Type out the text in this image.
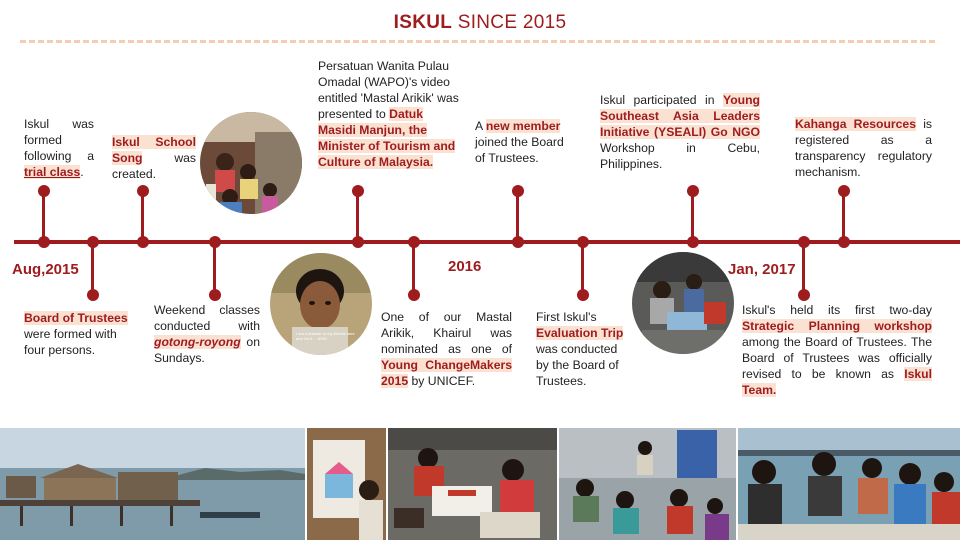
ISKUL SINCE 2015
Aug,2015	2016	Jan, 2017
Iskul was formed following a trial class.
Board of Trustees were formed with four persons.
Iskul School Song was created.
Weekend classes conducted with gotong-royong on Sundays.
Persatuan Wanita Pulau Omadal (WAPO)'s video entitled 'Mastal Arikik' was presented to Datuk Masidi Manjun, the Minister of Tourism and Culture of Malaysia.
One of our Mastal Arikik, Khairul was nominated as one of Young ChangeMakers 2015 by UNICEF.
A new member joined the Board of Trustees.
First Iskul's Evaluation Trip was conducted by the Board of Trustees.
Iskul participated in Young Southeast Asia Leaders Initiative (YSEALI) Go NGO Workshop in Cebu, Philippines.
Kahanga Resources is registered as a transparency regulatory mechanism.
Iskul's held its first two-day Strategic Planning workshop among the Board of Trustees. The Board of Trustees was officially revised to be known as Iskul Team.
I am a teacher to my friends here and I'm fr… ATIM
